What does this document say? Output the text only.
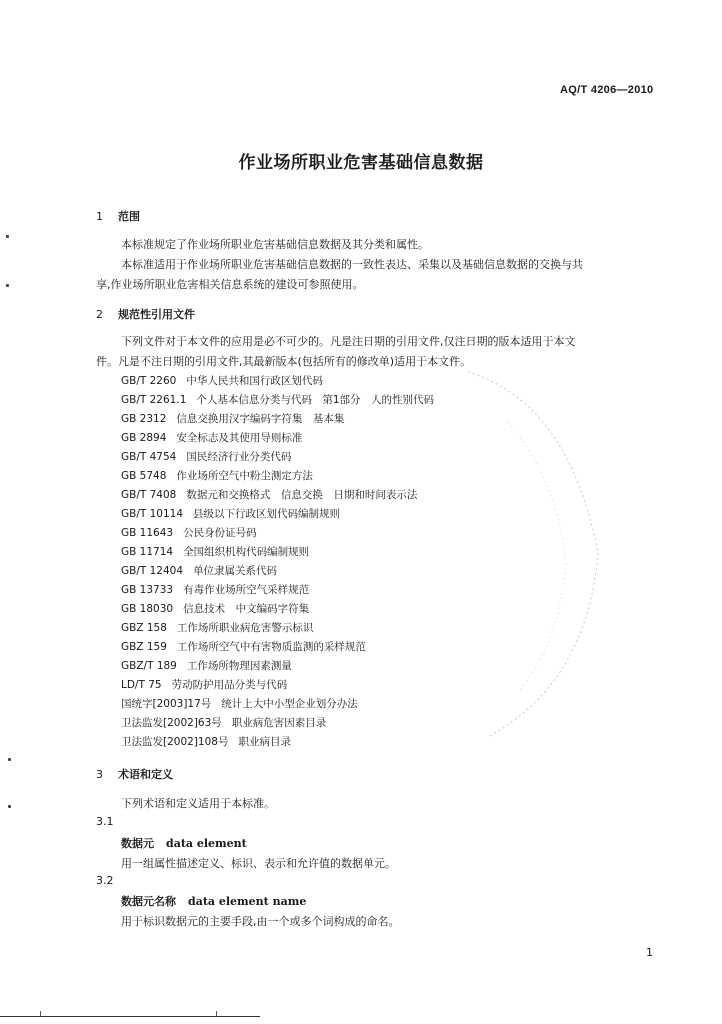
AQ/T 4206—2010
作业场所职业危害基础信息数据
1 范围
本标准规定了作业场所职业危害基础信息数据及其分类和属性。
本标准适用于作业场所职业危害基础信息数据的一致性表达、采集以及基础信息数据的交换与共
享,作业场所职业危害相关信息系统的建设可参照使用。
2 规范性引用文件
下列文件对于本文件的应用是必不可少的。凡是注日期的引用文件,仅注日期的版本适用于本文
件。凡是不注日期的引用文件,其最新版本(包括所有的修改单)适用于本文件。
GB/T 2260 中华人民共和国行政区划代码
GB/T 2261.1 个人基本信息分类与代码　第1部分　人的性别代码
GB 2312 信息交换用汉字编码字符集　基本集
GB 2894 安全标志及其使用导则标准
GB/T 4754 国民经济行业分类代码
GB 5748 作业场所空气中粉尘测定方法
GB/T 7408 数据元和交换格式　信息交换　日期和时间表示法
GB/T 10114 县级以下行政区划代码编制规则
GB 11643 公民身份证号码
GB 11714 全国组织机构代码编制规则
GB/T 12404 单位隶属关系代码
GB 13733 有毒作业场所空气采样规范
GB 18030 信息技术　中文编码字符集
GBZ 158 工作场所职业病危害警示标识
GBZ 159 工作场所空气中有害物质监测的采样规范
GBZ/T 189 工作场所物理因素测量
LD/T 75 劳动防护用品分类与代码
国统字[2003]17号 统计上大中小型企业划分办法
卫法监发[2002]63号 职业病危害因素目录
卫法监发[2002]108号 职业病目录
3 术语和定义
下列术语和定义适用于本标准。
3.1
数据元 data element
用一组属性描述定义、标识、表示和允许值的数据单元。
3.2
数据元名称 data element name
用于标识数据元的主要手段,由一个或多个词构成的命名。
1
